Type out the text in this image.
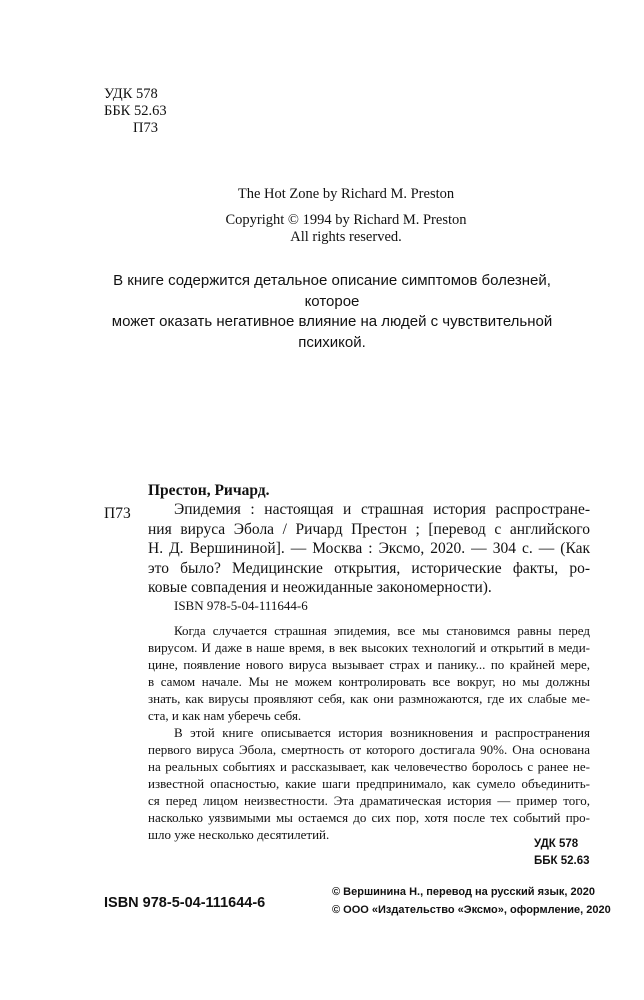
УДК 578
ББК 52.63
П73
The Hot Zone by Richard M. Preston
Copyright © 1994 by Richard M. Preston
All rights reserved.
В книге содержится детальное описание симптомов болезней, которое
может оказать негативное влияние на людей с чувствительной психикой.
Престон, Ричард.
П73	Эпидемия : настоящая и страшная история распростране-
ния вируса Эбола / Ричард Престон ; [перевод с английского
Н. Д. Вершининой]. — Москва : Эксмо, 2020. — 304 с. — (Как
это было? Медицинские открытия, исторические факты, ро-
ковые совпадения и неожиданные закономерности).
ISBN 978-5-04-111644-6
Когда случается страшная эпидемия, все мы становимся равны перед
вирусом. И даже в наше время, в век высоких технологий и открытий в меди-
цине, появление нового вируса вызывает страх и панику... по крайней мере,
в самом начале. Мы не можем контролировать все вокруг, но мы должны
знать, как вирусы проявляют себя, как они размножаются, где их слабые ме-
ста, и как нам уберечь себя.
В этой книге описывается история возникновения и распространения
первого вируса Эбола, смертность от которого достигала 90%. Она основана
на реальных событиях и рассказывает, как человечество боролось с ранее не-
известной опасностью, какие шаги предпринимало, как сумело объединить-
ся перед лицом неизвестности. Эта драматическая история — пример того,
насколько уязвимыми мы остаемся до сих пор, хотя после тех событий про-
шло уже несколько десятилетий.
УДК 578
ББК 52.63
ISBN 978-5-04-111644-6
© Вершинина Н., перевод на русский язык, 2020
© ООО «Издательство «Эксмо», оформление, 2020
